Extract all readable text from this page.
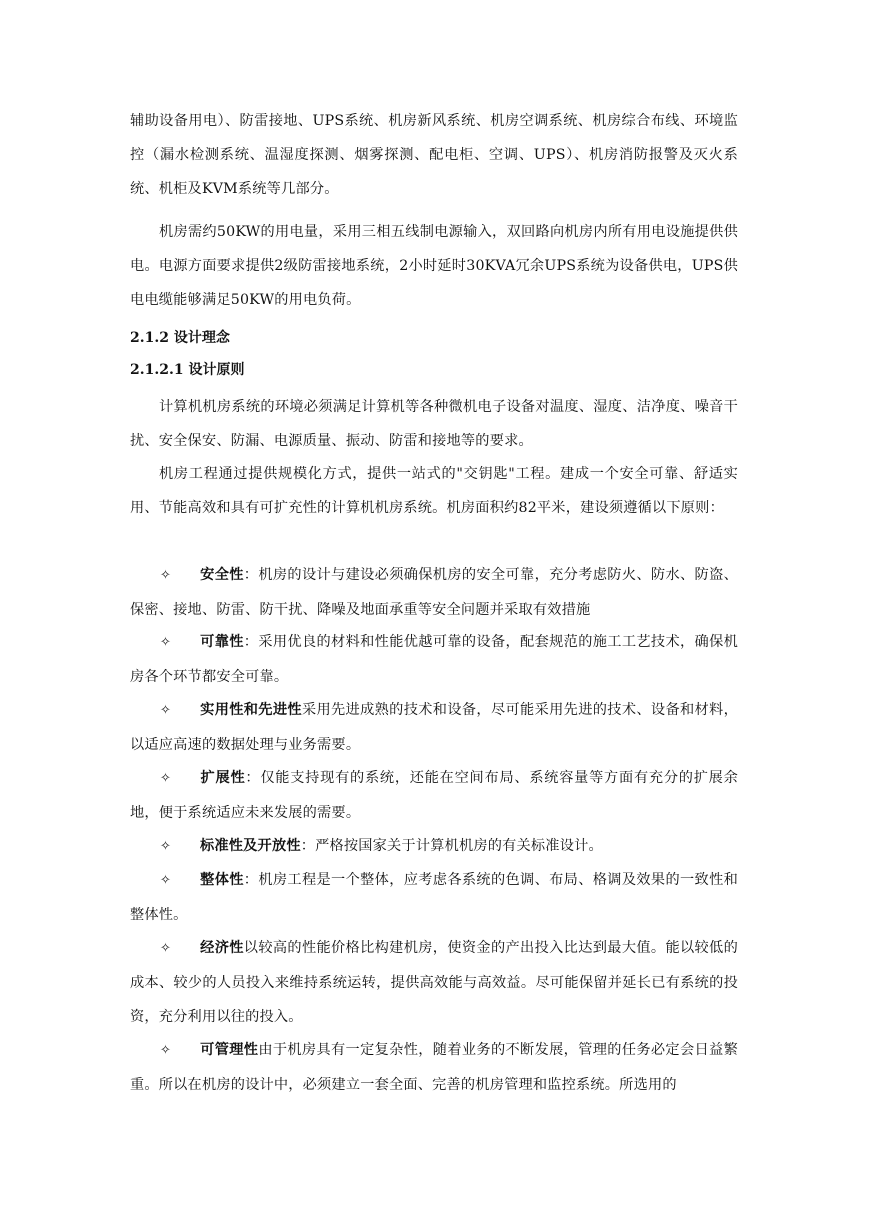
辅助设备用电）、防雷接地、UPS系统、机房新风系统、机房空调系统、机房综合布线、环境监控（漏水检测系统、温湿度探测、烟雾探测、配电柜、空调、UPS）、机房消防报警及灭火系统、机柜及KVM系统等几部分。

机房需约50KW的用电量，采用三相五线制电源输入，双回路向机房内所有用电设施提供供电。电源方面要求提供2级防雷接地系统，2小时延时30KVA冗余UPS系统为设备供电，UPS供电电缆能够满足50KW的用电负荷。

2.1.2 设计理念
2.1.2.1 设计原则

计算机机房系统的环境必须满足计算机等各种微机电子设备对温度、湿度、洁净度、噪音干扰、安全保安、防漏、电源质量、振动、防雷和接地等的要求。

机房工程通过提供规模化方式，提供一站式的"交钥匙"工程。建成一个安全可靠、舒适实用、节能高效和具有可扩充性的计算机机房系统。机房面积约82平米，建设须遵循以下原则：

✧ 安全性：机房的设计与建设必须确保机房的安全可靠，充分考虑防火、防水、防盗、保密、接地、防雷、防干扰、降噪及地面承重等安全问题并采取有效措施

✧ 可靠性：采用优良的材料和性能优越可靠的设备，配套规范的施工工艺技术，确保机房各个环节都安全可靠。

✧ 实用性和先进性采用先进成熟的技术和设备，尽可能采用先进的技术、设备和材料，以适应高速的数据处理与业务需要。

✧ 扩展性：仅能支持现有的系统，还能在空间布局、系统容量等方面有充分的扩展余地，便于系统适应未来发展的需要。

✧ 标准性及开放性：严格按国家关于计算机机房的有关标准设计。

✧ 整体性：机房工程是一个整体，应考虑各系统的色调、布局、格调及效果的一致性和整体性。

✧ 经济性以较高的性能价格比构建机房，使资金的产出投入比达到最大值。能以较低的成本、较少的人员投入来维持系统运转，提供高效能与高效益。尽可能保留并延长已有系统的投资，充分利用以往的投入。

✧ 可管理性由于机房具有一定复杂性，随着业务的不断发展，管理的任务必定会日益繁重。所以在机房的设计中，必须建立一套全面、完善的机房管理和监控系统。所选用的
